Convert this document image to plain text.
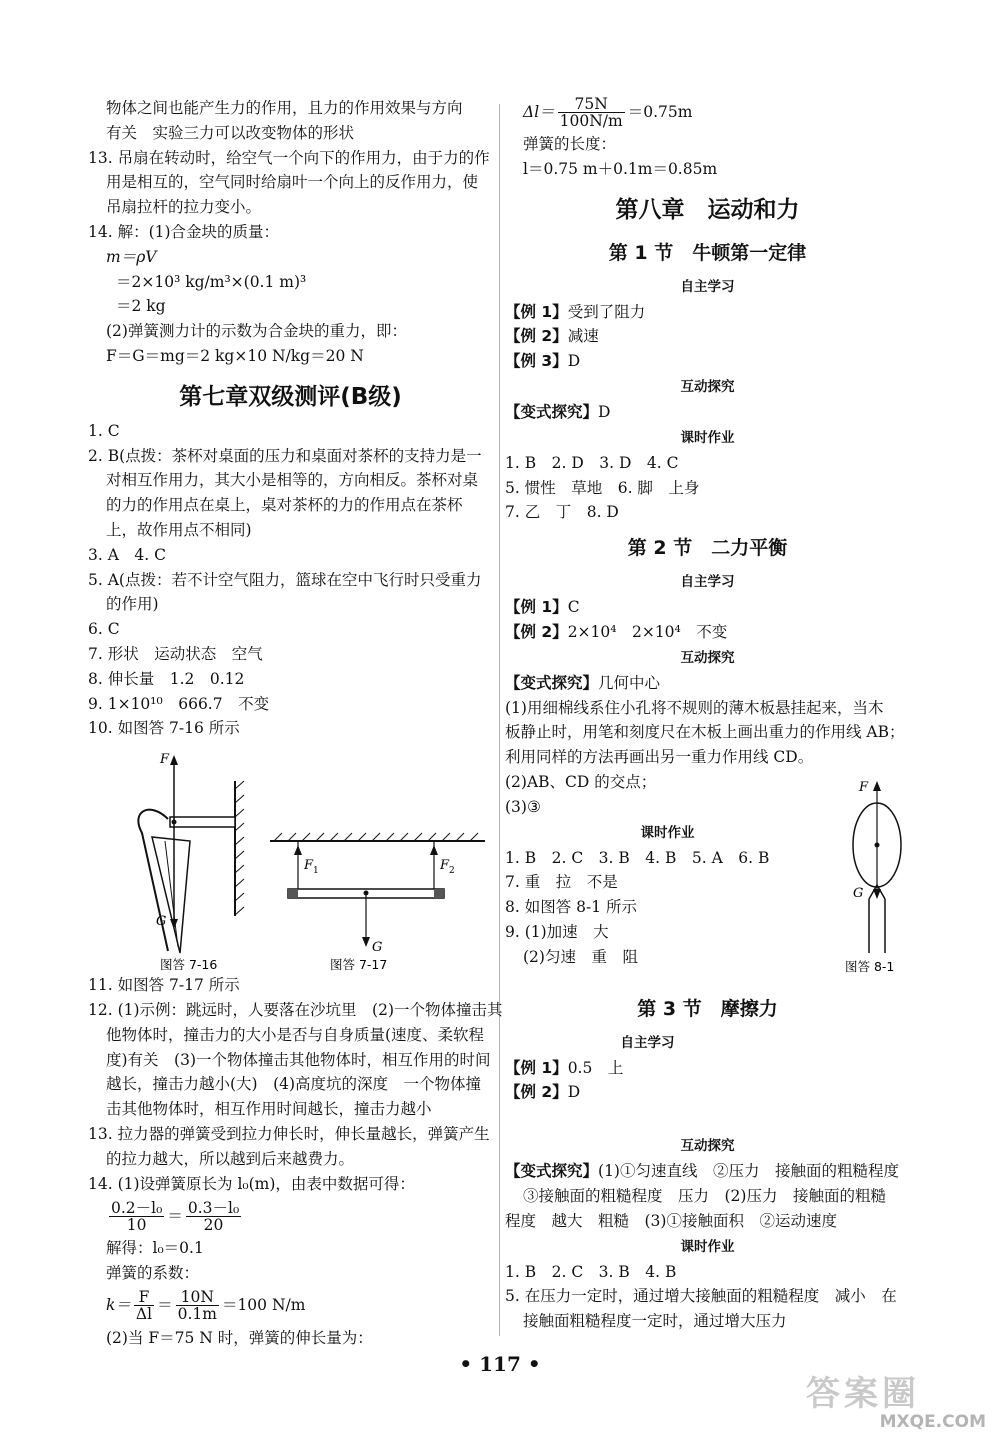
物体之间也能产生力的作用，且力的作用效果与方向
有关　实验三力可以改变物体的形状
13. 吊扇在转动时，给空气一个向下的作用力，由于力的作
用是相互的，空气同时给扇叶一个向上的反作用力，使
吊扇拉杆的拉力变小。
14. 解：(1)合金块的质量：
m＝ρV
＝2×10³ kg/m³×(0.1 m)³
＝2 kg
(2)弹簧测力计的示数为合金块的重力，即：
F＝G＝mg＝2 kg×10 N/kg＝20 N
第七章双级测评(B级)
1. C
2. B(点拨：茶杯对桌面的压力和桌面对茶杯的支持力是一
对相互作用力，其大小是相等的，方向相反。茶杯对桌
的力的作用点在桌上，桌对茶杯的力的作用点在茶杯
上，故作用点不相同)
3. A　4. C
5. A(点拨：若不计空气阻力，篮球在空中飞行时只受重力
的作用)
6. C
7. 形状　运动状态　空气
8. 伸长量　1.2　0.12
9. 1×10¹⁰　666.7　不变
10. 如图答 7-16 所示
F
G
图答 7-16
F 1	F 2
G
图答 7-17
11. 如图答 7-17 所示
12. (1)示例：跳远时，人要落在沙坑里　(2)一个物体撞击其
他物体时，撞击力的大小是否与自身质量(速度、柔软程
度)有关　(3)一个物体撞击其他物体时，相互作用的时间
越长，撞击力越小(大)　(4)高度坑的深度　一个物体撞
击其他物体时，相互作用时间越长，撞击力越小
13. 拉力器的弹簧受到拉力伸长时，伸长量越长，弹簧产生
的拉力越大，所以越到后来越费力。
14. (1)设弹簧原长为 l₀(m)，由表中数据可得：
$\frac{\text{0.2－l₀}}{10} = \frac{\text{0.3－l₀}}{20}$
解得：l₀＝0.1
弹簧的系数：
$k= \frac{F}{\Delta l} = \frac{10N}{0.1m} =100$ N/m
(2)当 F＝75 N 时，弹簧的伸长量为：
$\Delta l= \frac{75N}{100N/m} =0.75m$
弹簧的长度：
l＝0.75 m＋0.1m＝0.85m
第八章　运动和力
第 1 节　牛顿第一定律
自主学习
【例 1】受到了阻力
【例 2】减速
【例 3】D
互动探究
【变式探究】D
课时作业
1. B　2. D　3. D　4. C
5. 惯性　草地　6. 脚　上身
7. 乙　丁　8. D
第 2 节　二力平衡
自主学习
【例 1】C
【例 2】2×10⁴　2×10⁴　不变
互动探究
【变式探究】几何中心
(1)用细棉线系住小孔将不规则的薄木板悬挂起来，当木
板静止时，用笔和刻度尺在木板上画出重力的作用线 AB；
利用同样的方法再画出另一重力作用线 CD。
(2)AB、CD 的交点；
(3)③
课时作业
1. B　2. C　3. B　4. B　5. A　6. B
7. 重　拉　不是
8. 如图答 8-1 所示
9. (1)加速　大
(2)匀速　重　阻
F
G
图答 8-1
第 3 节　摩擦力
自主学习
【例 1】0.5　上
【例 2】D
互动探究
【变式探究】(1)①匀速直线　②压力　接触面的粗糙程度
③接触面的粗糙程度　压力　(2)压力　接触面的粗糙
程度　越大　粗糙　(3)①接触面积　②运动速度
课时作业
1. B　2. C　3. B　4. B
5. 在压力一定时，通过增大接触面的粗糙程度　减小　在
接触面粗糙程度一定时，通过增大压力
• 117 •
答案圈
MXQE.COM
